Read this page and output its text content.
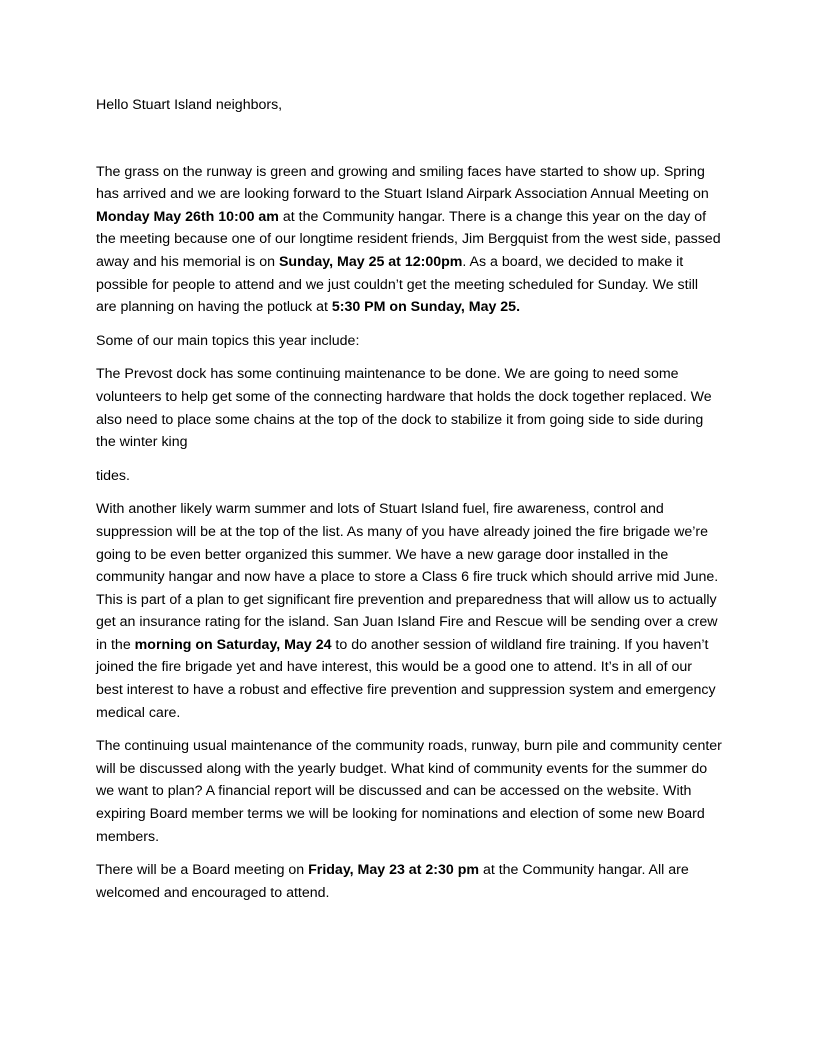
Hello Stuart Island neighbors,

The grass on the runway is green and growing and smiling faces have started to show up. Spring has arrived and we are looking forward to the Stuart Island Airpark Association Annual Meeting on Monday May 26th 10:00 am at the Community hangar. There is a change this year on the day of the meeting because one of our longtime resident friends, Jim Bergquist from the west side, passed away and his memorial is on Sunday, May 25 at 12:00pm. As a board, we decided to make it possible for people to attend and we just couldn’t get the meeting scheduled for Sunday. We still are planning on having the potluck at 5:30 PM on Sunday, May 25.

Some of our main topics this year include:

The Prevost dock has some continuing maintenance to be done. We are going to need some volunteers to help get some of the connecting hardware that holds the dock together replaced. We also need to place some chains at the top of the dock to stabilize it from going side to side during the winter king

tides.

With another likely warm summer and lots of Stuart Island fuel, fire awareness, control and suppression will be at the top of the list. As many of you have already joined the fire brigade we’re going to be even better organized this summer. We have a new garage door installed in the community hangar and now have a place to store a Class 6 fire truck which should arrive mid June. This is part of a plan to get significant fire prevention and preparedness that will allow us to actually get an insurance rating for the island. San Juan Island Fire and Rescue will be sending over a crew in the morning on Saturday, May 24 to do another session of wildland fire training. If you haven’t joined the fire brigade yet and have interest, this would be a good one to attend. It’s in all of our best interest to have a robust and effective fire prevention and suppression system and emergency medical care.

The continuing usual maintenance of the community roads, runway, burn pile and community center will be discussed along with the yearly budget. What kind of community events for the summer do we want to plan? A financial report will be discussed and can be accessed on the website. With expiring Board member terms we will be looking for nominations and election of some new Board members.

There will be a Board meeting on Friday, May 23 at 2:30 pm at the Community hangar. All are welcomed and encouraged to attend.
